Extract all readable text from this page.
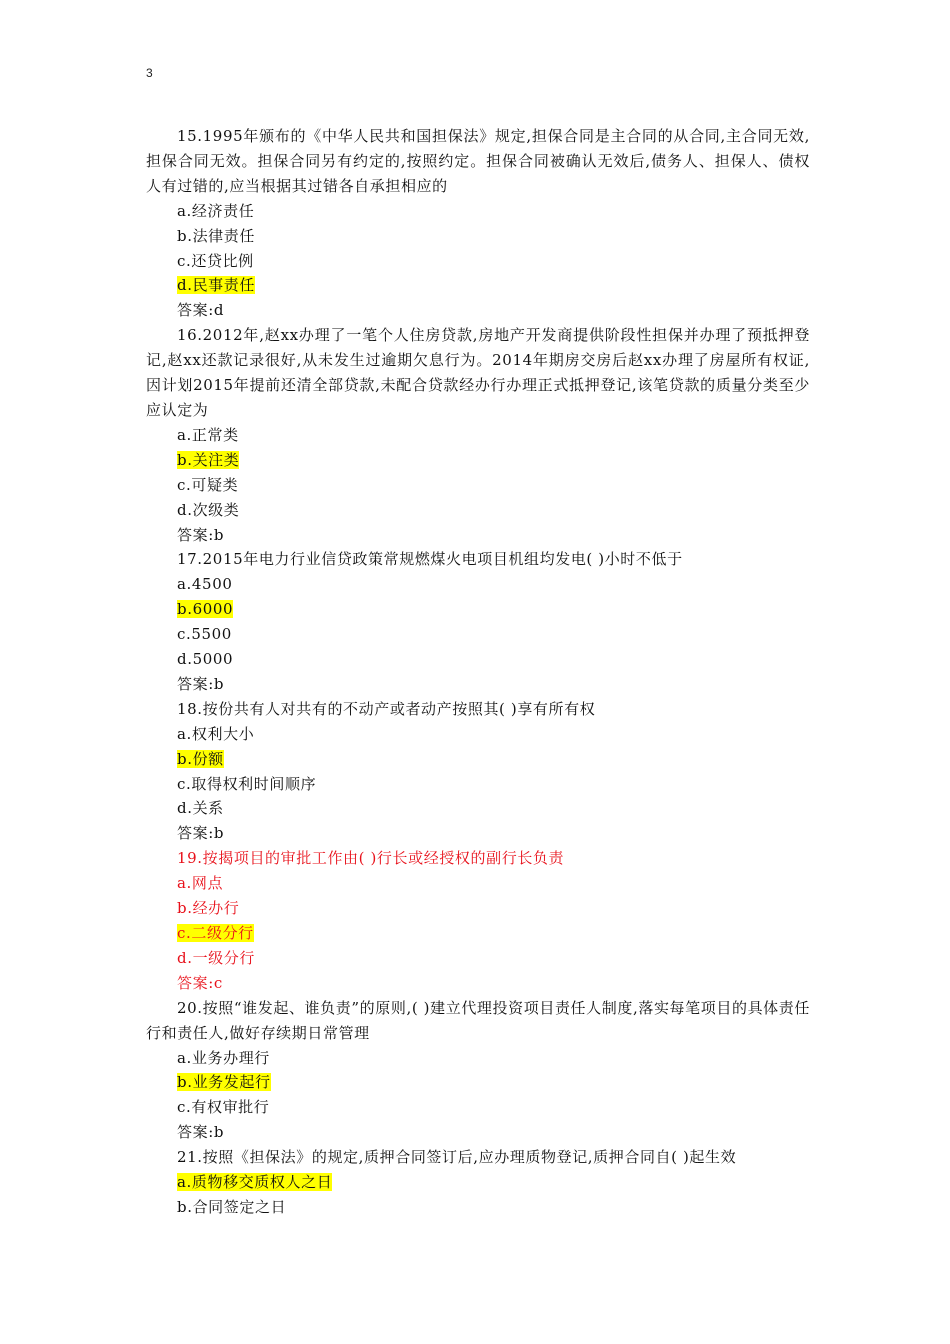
3

15.1995年颁布的《中华人民共和国担保法》规定,担保合同是主合同的从合同,主合同无效,担保合同无效。担保合同另有约定的,按照约定。担保合同被确认无效后,债务人、担保人、债权人有过错的,应当根据其过错各自承担相应的

a.经济责任

b.法律责任

c.还贷比例

d.民事责任

答案:d

16.2012年,赵xx办理了一笔个人住房贷款,房地产开发商提供阶段性担保并办理了预抵押登记,赵xx还款记录很好,从未发生过逾期欠息行为。2014年期房交房后赵xx办理了房屋所有权证,因计划2015年提前还清全部贷款,未配合贷款经办行办理正式抵押登记,该笔贷款的质量分类至少应认定为

a.正常类

b.关注类

c.可疑类

d.次级类

答案:b

17.2015年电力行业信贷政策常规燃煤火电项目机组均发电( )小时不低于

a.4500

b.6000

c.5500

d.5000

答案:b

18.按份共有人对共有的不动产或者动产按照其( )享有所有权

a.权利大小

b.份额

c.取得权利时间顺序

d.关系

答案:b

19.按揭项目的审批工作由( )行长或经授权的副行长负责

a.网点

b.经办行

c.二级分行

d.一级分行

答案:c

20.按照“谁发起、谁负责”的原则,( )建立代理投资项目责任人制度,落实每笔项目的具体责任行和责任人,做好存续期日常管理

a.业务办理行

b.业务发起行

c.有权审批行

答案:b

21.按照《担保法》的规定,质押合同签订后,应办理质物登记,质押合同自( )起生效

a.质物移交质权人之日

b.合同签定之日
